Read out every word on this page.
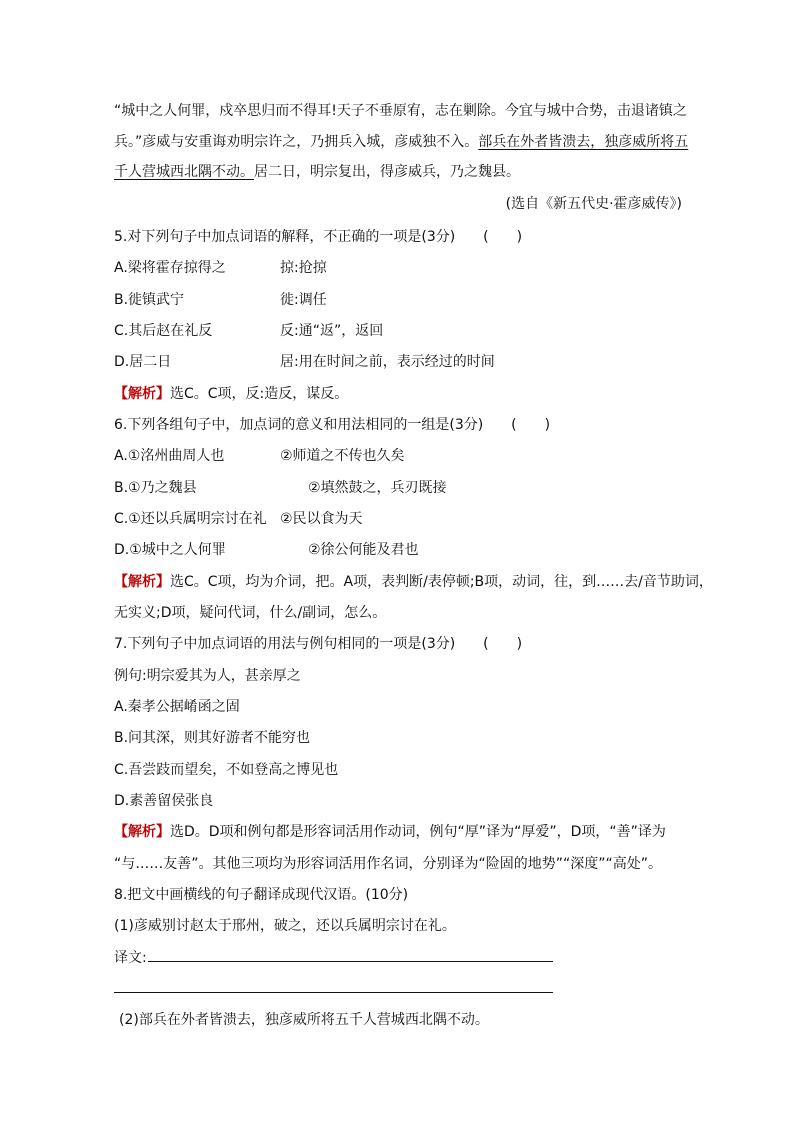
“城中之人何罪，戍卒思归而不得耳!天子不垂原宥，志在剿除。今宜与城中合势，击退诸镇之
兵。”彦威与安重诲劝明宗许之，乃拥兵入城，彦威独不入。部兵在外者皆溃去，独彦威所将五
千人营城西北隅不动。居二日，明宗复出，得彦威兵，乃之魏县。
(选自《新五代史·霍彦威传》)
5.对下列句子中加点词语的解释，不正确的一项是(3分)　　(　　)
A.梁将霍存掠得之	掠:抢掠
B.徙镇武宁	徙:调任
C.其后赵在礼反	反:通“返”，返回
D.居二日	居:用在时间之前，表示经过的时间
【解析】选C。C项，反:造反，谋反。
6.下列各组句子中，加点词的意义和用法相同的一组是(3分)　　(　　)
A.①洺州曲周人也	②师道之不传也久矣
B.①乃之魏县	②填然鼓之，兵刃既接
C.①还以兵属明宗讨在礼 ②民以食为天
D.①城中之人何罪	②徐公何能及君也
【解析】选C。C项，均为介词，把。A项，表判断/表停顿;B项，动词，往，到……去/音节助词，
无实义;D项，疑问代词，什么/副词，怎么。
7.下列句子中加点词语的用法与例句相同的一项是(3分)　　(　　)
例句:明宗爱其为人，甚亲厚之
A.秦孝公据崤函之固
B.问其深，则其好游者不能穷也
C.吾尝跂而望矣，不如登高之博见也
D.素善留侯张良
【解析】选D。D项和例句都是形容词活用作动词，例句“厚”译为“厚爱”，D项，“善”译为
“与……友善”。其他三项均为形容词活用作名词，分别译为“险固的地势”“深度”“高处”。
8.把文中画横线的句子翻译成现代汉语。(10分)
(1)彦威别讨赵太于邢州，破之，还以兵属明宗讨在礼。
译文:
(2)部兵在外者皆溃去，独彦威所将五千人营城西北隅不动。
